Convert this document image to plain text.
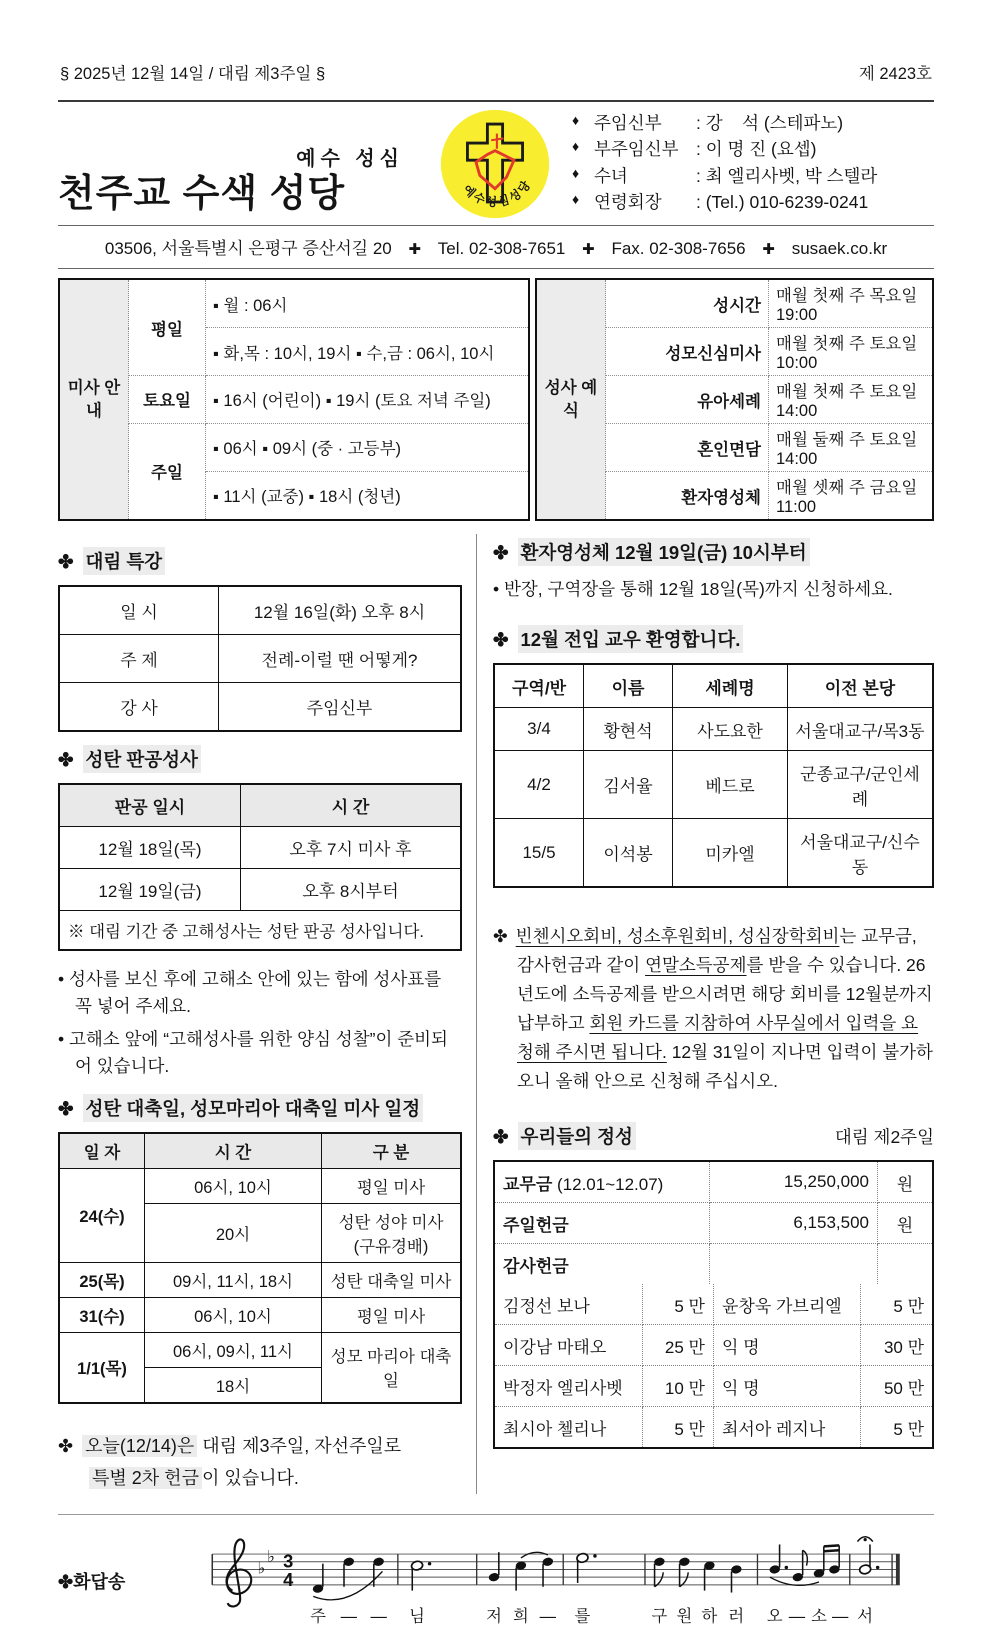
§ 2025년 12월 14일 / 대림 제3주일 §	제 2423호
예수 성심
천주교 수색 성당	예수성심성당
♦ 주임신부	: 강    석 (스테파노)
♦ 부주임신부 : 이 명 진 (요셉)
♦ 수녀	: 최 엘리사벳, 박 스텔라
♦ 연령회장	: (Tel.) 010-6239-0241
03506, 서울특별시 은평구 증산서길 20 ✚ Tel. 02-308-7651 ✚ Fax. 02-308-7656 ✚ susaek.co.kr
미사 안내	평일	▪ 월 : 06시
		▪ 화,목 : 10시, 19시 ▪ 수,금 : 06시, 10시
	토요일	▪ 16시 (어린이) ▪ 19시 (토요 저녁 주일)
	주일	▪ 06시 ▪ 09시 (중 · 고등부)
		▪ 11시 (교중) ▪ 18시 (청년)
성사 예식	성시간	매월 첫째 주 목요일 19:00
	성모신심미사	매월 첫째 주 토요일 10:00
	유아세례	매월 첫째 주 토요일 14:00
	혼인면담	매월 둘째 주 토요일 14:00
	환자영성체	매월 셋째 주 금요일 11:00
✤ 대림 특강
일 시	12월 16일(화) 오후 8시
주 제	전례-이럴 땐 어떻게?
강 사	주임신부
✤ 성탄 판공성사
판공 일시	시 간
12월 18일(목)	오후 7시 미사 후
12월 19일(금)	오후 8시부터
※ 대림 기간 중 고해성사는 성탄 판공 성사입니다.	
• 성사를 보신 후에 고해소 안에 있는 함에 성사표를 꼭 넣어 주세요.
• 고해소 앞에 “고해성사를 위한 양심 성찰”이 준비되어 있습니다.
✤ 성탄 대축일, 성모마리아 대축일 미사 일정
일 자	시 간	구 분
24(수)	06시, 10시	평일 미사
	20시	성탄 성야 미사
(구유경배)

25(목)	09시, 11시, 18시	성탄 대축일 미사
31(수)	06시, 10시	평일 미사
1/1(목)	06시, 09시, 11시	성모 마리아 대축일
	18시	
✤ 오늘(12/14)은 대림 제3주일, 자선주일로
특별 2차 헌금 이 있습니다.
✤ 환자영성체 12월 19일(금) 10시부터
• 반장, 구역장을 통해 12월 18일(목)까지 신청하세요.
✤ 12월 전입 교우 환영합니다.
구역/반	이름	세례명	이전 본당
3/4	황현석	사도요한	서울대교구/목3동
4/2	김서율	베드로	군종교구/군인세례
15/5	이석봉	미카엘	서울대교구/신수동
✤ 빈첸시오회비, 성소후원회비, 성심장학회비는 교무금, 감사헌금과 같이 연말소득공제를 받을 수 있습니다. 26년도에 소득공제를 받으시려면 해당 회비를 12월분까지 납부하고 회원 카드를 지참하여 사무실에서 입력을 요청해 주시면 됩니다. 12월 31일이 지나면 입력이 불가하오니 올해 안으로 신청해 주십시오.
✤ 우리들의 정성	대림 제2주일
교무금 (12.01~12.07)	15,250,000	원
주일헌금	6,153,500	원
감사헌금		
김정선 보나	5 만	윤창욱 가브리엘	5 만
이강남 마태오	25 만	익 명	30 만
박정자 엘리사벳	10 만	익 명	50 만
최시아 첼리나	5 만	최서아 레지나	5 만
✤화답송
♭
♭ 3
4
주 ― ― 님	저 희 ― 를	구 원 하 러 오 ― 소 ― 서
